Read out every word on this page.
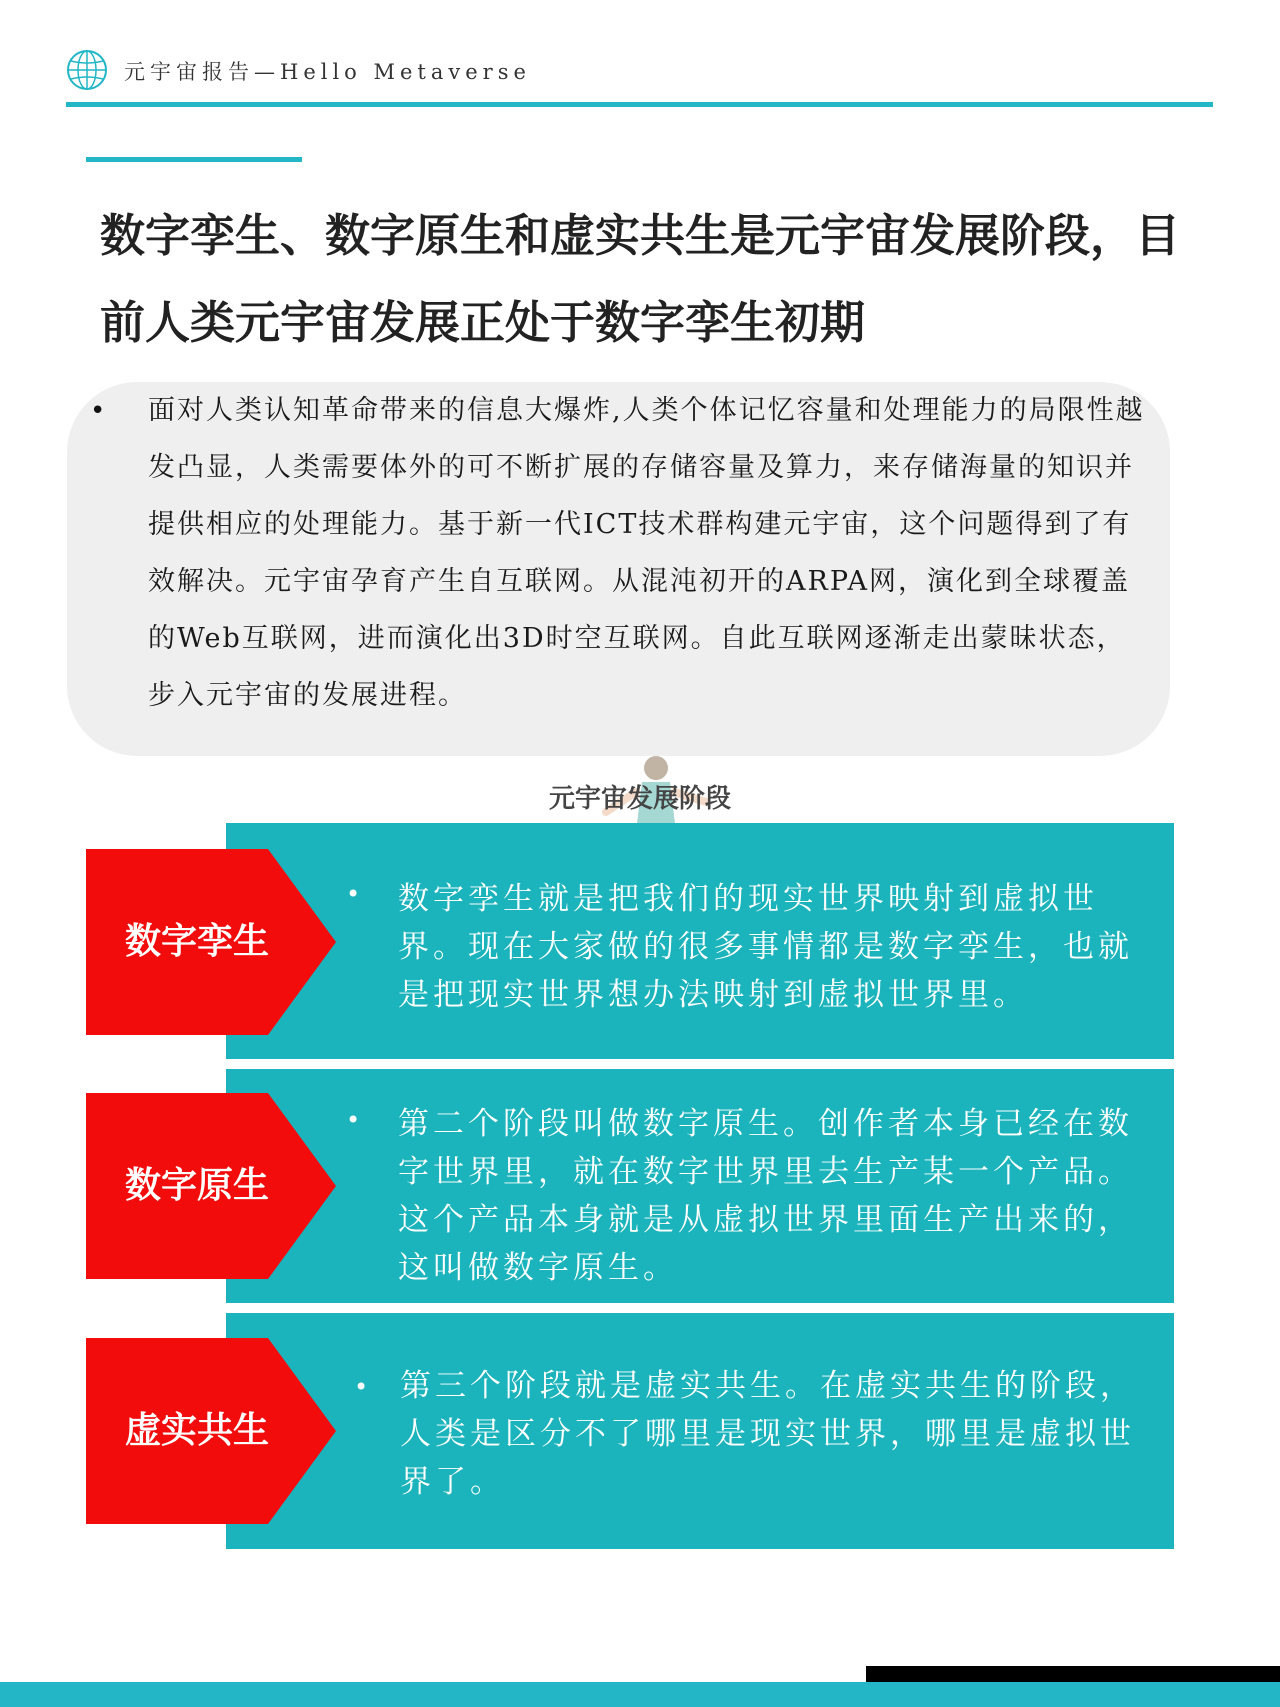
元宇宙报告—Hello Metaverse
数字孪生、数字原生和虚实共生是元宇宙发展阶段，目前人类元宇宙发展正处于数字孪生初期
• 面对人类认知革命带来的信息大爆炸,人类个体记忆容量和处理能力的局限性越发凸显，人类需要体外的可不断扩展的存储容量及算力，来存储海量的知识并提供相应的处理能力。基于新一代ICT技术群构建元宇宙，这个问题得到了有效解决。元宇宙孕育产生自互联网。从混沌初开的ARPA网，演化到全球覆盖的Web互联网，进而演化出3D时空互联网。自此互联网逐渐走出蒙昧状态，步入元宇宙的发展进程。

元宇宙发展阶段
数字孪生
• 数字孪生就是把我们的现实世界映射到虚拟世界。现在大家做的很多事情都是数字孪生，也就是把现实世界想办法映射到虚拟世界里。

数字原生
• 第二个阶段叫做数字原生。创作者本身已经在数字世界里，就在数字世界里去生产某一个产品。这个产品本身就是从虚拟世界里面生产出来的，这叫做数字原生。

虚实共生
• 第三个阶段就是虚实共生。在虚实共生的阶段，人类是区分不了哪里是现实世界，哪里是虚拟世界了。
